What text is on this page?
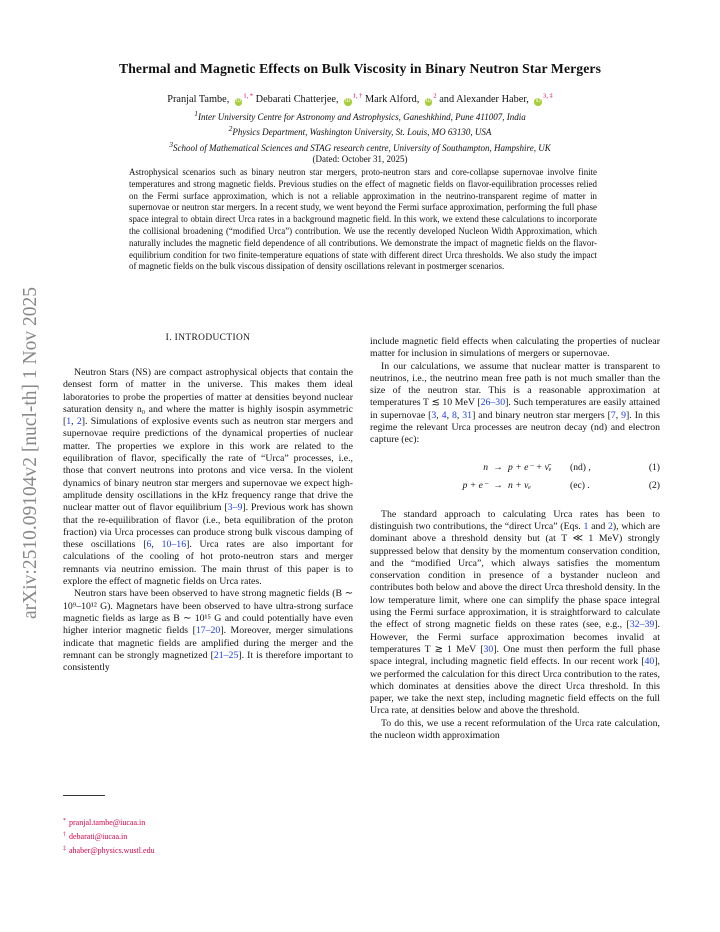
arXiv:2510.09104v2 [nucl-th] 1 Nov 2025
Thermal and Magnetic Effects on Bulk Viscosity in Binary Neutron Star Mergers
Pranjal Tambe, $iD^{1, *}$ Debarati Chatterjee, $iD^{1, \dagger}$ Mark Alford, $iD^2$ and Alexander Haber, $iD^{3, \ddagger}$
$^1$Inter University Centre for Astronomy and Astrophysics, Ganeshkhind, Pune 411007, India
$^2$Physics Department, Washington University, St. Louis, MO 63130, USA
$^3$School of Mathematical Sciences and STAG research centre, University of Southampton, Hampshire, UK
(Dated: October 31, 2025)
Astrophysical scenarios such as binary neutron star mergers, proto-neutron stars and core-collapse supernovae involve finite temperatures and strong magnetic fields. Previous studies on the effect of magnetic fields on flavor-equilibration processes relied on the Fermi surface approximation, which is not a reliable approximation in the neutrino-transparent regime of matter in supernovae or neutron star mergers. In a recent study, we went beyond the Fermi surface approximation, performing the full phase space integral to obtain direct Urca rates in a background magnetic field. In this work, we extend these calculations to incorporate the collisional broadening (“modified Urca”) contribution. We use the recently developed Nucleon Width Approximation, which naturally includes the magnetic field dependence of all contributions. We demonstrate the impact of magnetic fields on the flavor-equilibrium condition for two finite-temperature equations of state with different direct Urca thresholds. We also study the impact of magnetic fields on the bulk viscous dissipation of density oscillations relevant in postmerger scenarios.
I. INTRODUCTION

Neutron Stars (NS) are compact astrophysical objects that contain the densest form of matter in the universe. This makes them ideal laboratories to probe the properties of matter at densities beyond nuclear saturation density n₀ and where the matter is highly isospin asymmetric [1, 2]. Simulations of explosive events such as neutron star mergers and supernovae require predictions of the dynamical properties of nuclear matter. The properties we explore in this work are related to the equilibration of flavor, specifically the rate of “Urca” processes, i.e., those that convert neutrons into protons and vice versa. In the violent dynamics of binary neutron star mergers and supernovae we expect high-amplitude density oscillations in the kHz frequency range that drive the nuclear matter out of flavor equilibrium [3–9]. Previous work has shown that the re-equilibration of flavor (i.e., beta equilibration of the proton fraction) via Urca processes can produce strong bulk viscous damping of these oscillations [6, 10–16]. Urca rates are also important for calculations of the cooling of hot proto-neutron stars and merger remnants via neutrino emission. The main thrust of this paper is to explore the effect of magnetic fields on Urca rates.

Neutron stars have been observed to have strong magnetic fields (B ∼ 10⁹–10¹² G). Magnetars have been observed to have ultra-strong surface magnetic fields as large as B ∼ 10¹⁵ G and could potentially have even higher interior magnetic fields [17–20]. Moreover, merger simulations indicate that magnetic fields are amplified during the merger and the remnant can be strongly magnetized [21–25]. It is therefore important to consistently

include magnetic field effects when calculating the properties of nuclear matter for inclusion in simulations of mergers or supernovae.

In our calculations, we assume that nuclear matter is transparent to neutrinos, i.e., the neutrino mean free path is not much smaller than the size of the neutron star. This is a reasonable approximation at temperatures T ≲ 10 MeV [26–30]. Such temperatures are easily attained in supernovae [3, 4, 8, 31] and binary neutron star mergers [7, 9]. In this regime the relevant Urca processes are neutron decay (nd) and electron capture (ec):

n → p + e⁻ + ν̄ₑ	(nd) ,	(1)
p + e⁻ → n + νₑ	(ec) .	(2)

The standard approach to calculating Urca rates has been to distinguish two contributions, the “direct Urca” (Eqs. 1 and 2), which are dominant above a threshold density but (at T ≪ 1 MeV) strongly suppressed below that density by the momentum conservation condition, and the “modified Urca”, which always satisfies the momentum conservation condition in presence of a bystander nucleon and contributes both below and above the direct Urca threshold density. In the low temperature limit, where one can simplify the phase space integral using the Fermi surface approximation, it is straightforward to calculate the effect of strong magnetic fields on these rates (see, e.g., [32–39]. However, the Fermi surface approximation becomes invalid at temperatures T ≳ 1 MeV [30]. One must then perform the full phase space integral, including magnetic field effects. In our recent work [40], we performed the calculation for this direct Urca contribution to the rates, which dominates at densities above the direct Urca threshold. In this paper, we take the next step, including magnetic field effects on the full Urca rate, at densities below and above the threshold.

To do this, we use a recent reformulation of the Urca rate calculation, the nucleon width approximation

* pranjal.tambe@iucaa.in
† debarati@iucaa.in
‡ ahaber@physics.wustl.edu
